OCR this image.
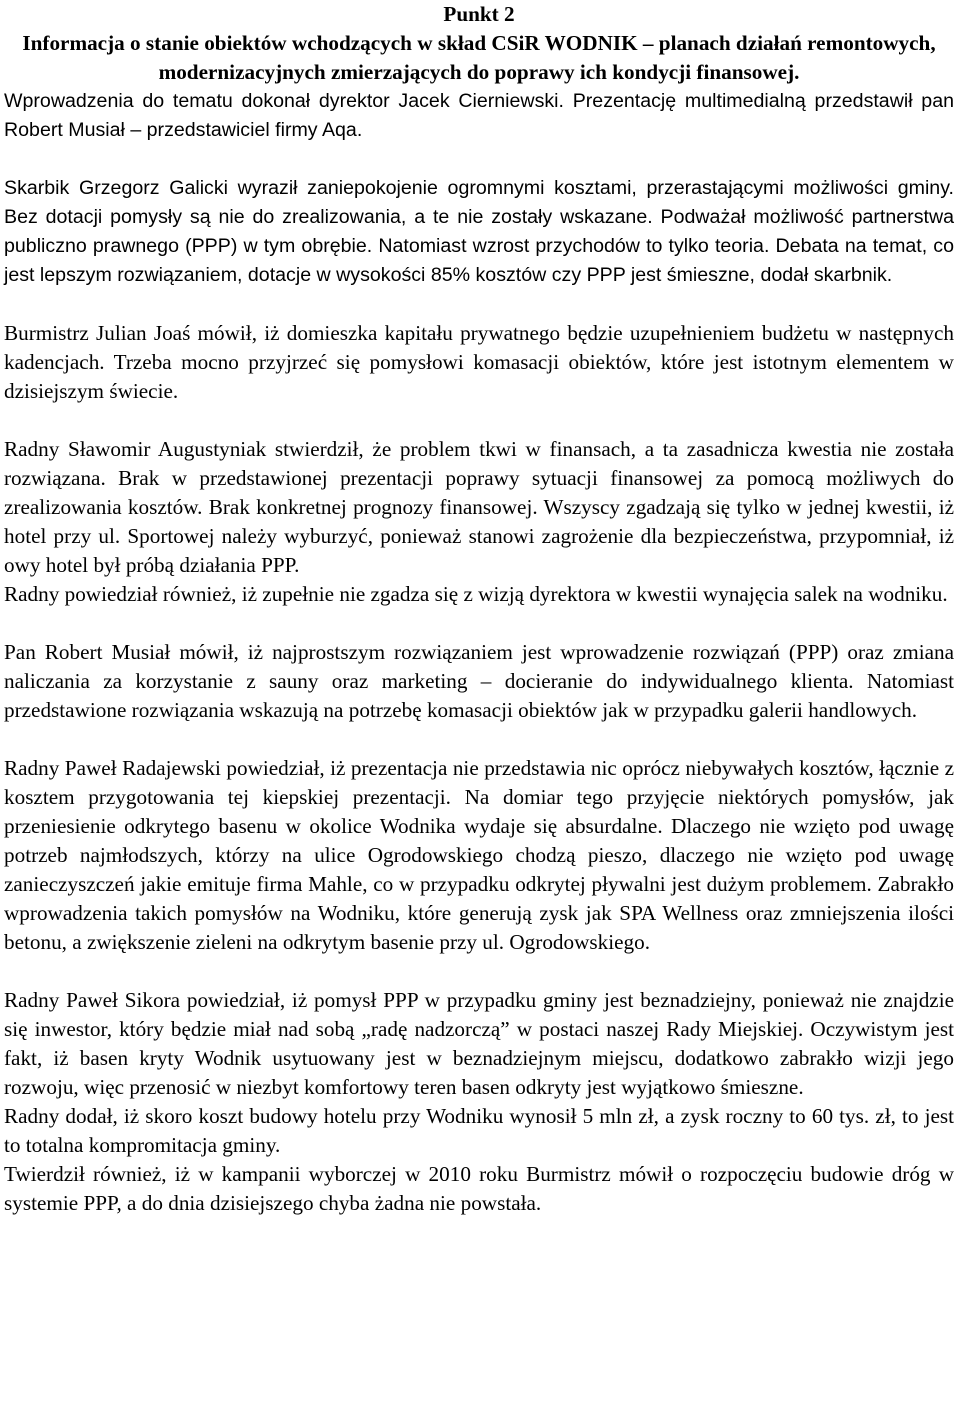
Punkt 2

Informacja o stanie obiektów wchodzących w skład CSiR WODNIK – planach działań remontowych, modernizacyjnych zmierzających do poprawy ich kondycji finansowej.

Wprowadzenia do tematu dokonał dyrektor Jacek Cierniewski. Prezentację multimedialną przedstawił pan Robert Musiał – przedstawiciel firmy Aqa.

Skarbik Grzegorz Galicki wyraził zaniepokojenie ogromnymi kosztami, przerastającymi możliwości gminy. Bez dotacji pomysły są nie do zrealizowania, a te nie zostały wskazane. Podważał możliwość partnerstwa publiczno prawnego (PPP) w tym obrębie. Natomiast wzrost przychodów to tylko teoria. Debata na temat, co jest lepszym rozwiązaniem, dotacje w wysokości 85% kosztów czy PPP jest śmieszne, dodał skarbnik.

Burmistrz Julian Joaś mówił, iż domieszka kapitału prywatnego będzie uzupełnieniem budżetu w następnych kadencjach. Trzeba mocno przyjrzeć się pomysłowi komasacji obiektów, które jest istotnym elementem w dzisiejszym świecie.

Radny Sławomir Augustyniak stwierdził, że problem tkwi w finansach, a ta zasadnicza kwestia nie została rozwiązana. Brak w przedstawionej prezentacji poprawy sytuacji finansowej za pomocą możliwych do zrealizowania kosztów. Brak konkretnej prognozy finansowej. Wszyscy zgadzają się tylko w jednej kwestii, iż hotel przy ul. Sportowej należy wyburzyć, ponieważ stanowi zagrożenie dla bezpieczeństwa, przypomniał, iż owy hotel był próbą działania PPP.

Radny powiedział również, iż zupełnie nie zgadza się z wizją dyrektora w kwestii wynajęcia salek na wodniku.

Pan Robert Musiał mówił, iż najprostszym rozwiązaniem jest wprowadzenie rozwiązań (PPP) oraz zmiana naliczania za korzystanie z sauny oraz marketing – docieranie do indywidualnego klienta. Natomiast przedstawione rozwiązania wskazują na potrzebę komasacji obiektów jak w przypadku galerii handlowych.

Radny Paweł Radajewski powiedział, iż prezentacja nie przedstawia nic oprócz niebywałych kosztów, łącznie z kosztem przygotowania tej kiepskiej prezentacji. Na domiar tego przyjęcie niektórych pomysłów, jak przeniesienie odkrytego basenu w okolice Wodnika wydaje się absurdalne. Dlaczego nie wzięto pod uwagę potrzeb najmłodszych, którzy na ulice Ogrodowskiego chodzą pieszo, dlaczego nie wzięto pod uwagę zanieczyszczeń jakie emituje firma Mahle, co w przypadku odkrytej pływalni jest dużym problemem. Zabrakło wprowadzenia takich pomysłów na Wodniku, które generują zysk jak SPA Wellness oraz zmniejszenia ilości betonu, a zwiększenie zieleni na odkrytym basenie przy ul. Ogrodowskiego.

Radny Paweł Sikora powiedział, iż pomysł PPP w przypadku gminy jest beznadziejny, ponieważ nie znajdzie się inwestor, który będzie miał nad sobą „radę nadzorczą” w postaci naszej Rady Miejskiej. Oczywistym jest fakt, iż basen kryty Wodnik usytuowany jest w beznadziejnym miejscu, dodatkowo zabrakło wizji jego rozwoju, więc przenosić w niezbyt komfortowy teren basen odkryty jest wyjątkowo śmieszne.

Radny dodał, iż skoro koszt budowy hotelu przy Wodniku wynosił 5 mln zł, a zysk roczny to 60 tys. zł, to jest to totalna kompromitacja gminy.

Twierdził również, iż w kampanii wyborczej w 2010 roku Burmistrz mówił o rozpoczęciu budowie dróg w systemie PPP, a do dnia dzisiejszego chyba żadna nie powstała.
